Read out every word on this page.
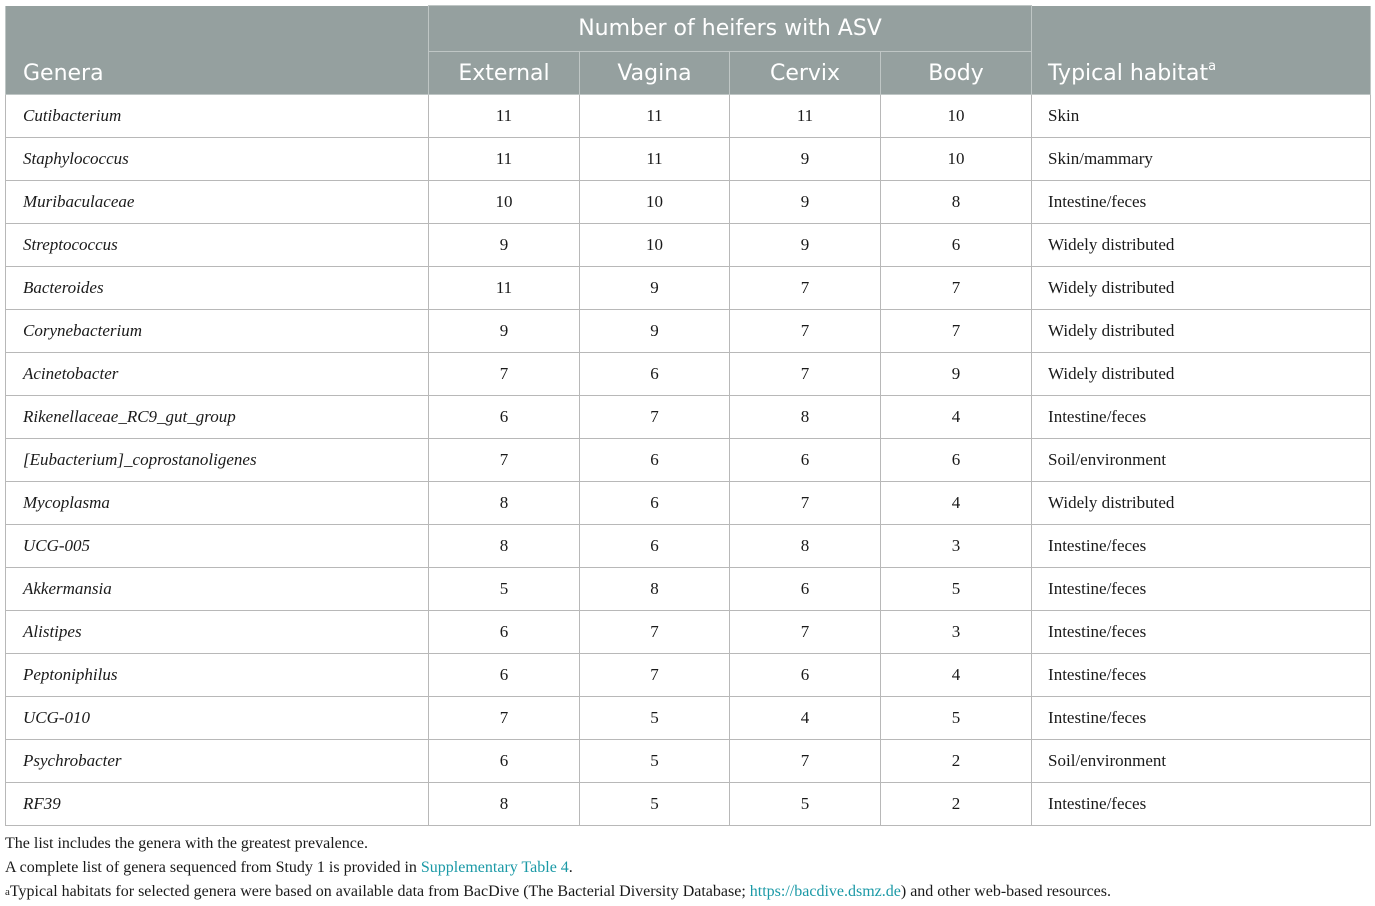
Genera	Number of heifers with ASV				Typical habitat$^a$
	External	Vagina	Cervix	Body	
Cutibacterium	11	11	11	10	Skin
Staphylococcus	11	11	9	10	Skin/mammary
Muribaculaceae	10	10	9	8	Intestine/feces
Streptococcus	9	10	9	6	Widely distributed
Bacteroides	11	9	7	7	Widely distributed
Corynebacterium	9	9	7	7	Widely distributed
Acinetobacter	7	6	7	9	Widely distributed
Rikenellaceae_RC9_gut_group	6	7	8	4	Intestine/feces
[Eubacterium]_coprostanoligenes	7	6	6	6	Soil/environment
Mycoplasma	8	6	7	4	Widely distributed
UCG-005	8	6	8	3	Intestine/feces
Akkermansia	5	8	6	5	Intestine/feces
Alistipes	6	7	7	3	Intestine/feces
Peptoniphilus	6	7	6	4	Intestine/feces
UCG-010	7	5	4	5	Intestine/feces
Psychrobacter	6	5	7	2	Soil/environment
RF39	8	5	5	2	Intestine/feces

The list includes the genera with the greatest prevalence.

A complete list of genera sequenced from Study 1 is provided in Supplementary Table 4.

$^a$Typical habitats for selected genera were based on available data from BacDive (The Bacterial Diversity Database; https://bacdive.dsmz.de) and other web-based resources.
